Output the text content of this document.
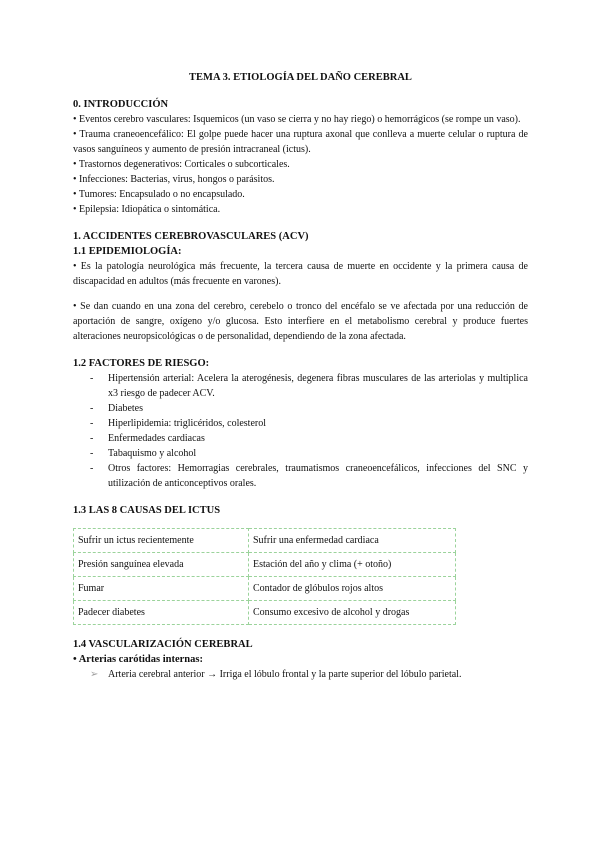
TEMA 3. ETIOLOGÍA DEL DAÑO CEREBRAL
0. INTRODUCCIÓN

• Eventos cerebro vasculares: Isquemicos (un vaso se cierra y no hay riego) o hemorrágicos (se rompe un vaso).

• Trauma craneoencefálico: El golpe puede hacer una ruptura axonal que conlleva a muerte celular o ruptura de vasos sanguíneos y aumento de presión intracraneal (ictus).

• Trastornos degenerativos: Corticales o subcorticales.

• Infecciones: Bacterias, virus, hongos o parásitos.

• Tumores: Encapsulado o no encapsulado.

• Epilepsia: Idiopática o sintomática.

1. ACCIDENTES CEREBROVASCULARES (ACV)
1.1 EPIDEMIOLOGÍA:

• Es la patología neurológica más frecuente, la tercera causa de muerte en occidente y la primera causa de discapacidad en adultos (más frecuente en varones).

• Se dan cuando en una zona del cerebro, cerebelo o tronco del encéfalo se ve afectada por una reducción de aportación de sangre, oxígeno y/o glucosa. Esto interfiere en el metabolismo cerebral y produce fuertes alteraciones neuropsicológicas o de personalidad, dependiendo de la zona afectada.

1.2 FACTORES DE RIESGO:
- Hipertensión arterial: Acelera la aterogénesis, degenera fibras musculares de las arteriolas y multiplica x3 riesgo de padecer ACV.
- Diabetes
- Hiperlipidemia: triglicéridos, colesterol
- Enfermedades cardiacas
- Tabaquismo y alcohol
- Otros factores: Hemorragias cerebrales, traumatismos craneoencefálicos, infecciones del SNC y utilización de anticonceptivos orales.
1.3 LAS 8 CAUSAS DEL ICTUS
Sufrir un ictus recientemente	Sufrir una enfermedad cardiaca
Presión sanguínea elevada	Estación del año y clima (+ otoño)
Fumar	Contador de glóbulos rojos altos
Padecer diabetes	Consumo excesivo de alcohol y drogas
1.4 VASCULARIZACIÓN CEREBRAL
• Arterias carótidas internas:
➢ Arteria cerebral anterior → Irriga el lóbulo frontal y la parte superior del lóbulo parietal.
